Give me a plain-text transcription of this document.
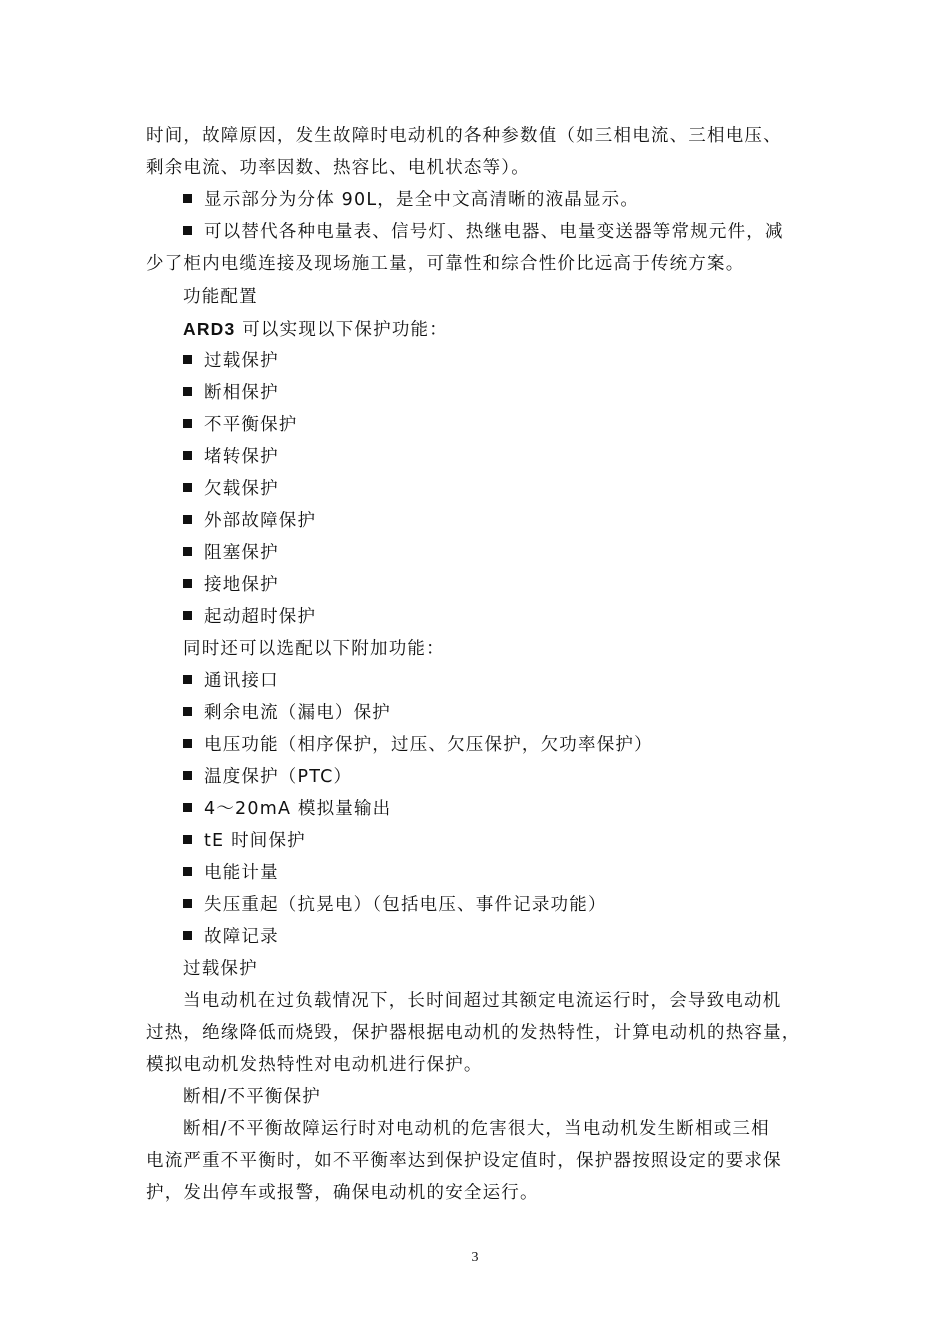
时间，故障原因，发生故障时电动机的各种参数值（如三相电流、三相电压、
剩余电流、功率因数、热容比、电机状态等）。
显示部分为分体 90L，是全中文高清晰的液晶显示。
可以替代各种电量表、信号灯、热继电器、电量变送器等常规元件，减
少了柜内电缆连接及现场施工量，可靠性和综合性价比远高于传统方案。
功能配置
ARD3 可以实现以下保护功能：
过载保护
断相保护
不平衡保护
堵转保护
欠载保护
外部故障保护
阻塞保护
接地保护
起动超时保护
同时还可以选配以下附加功能：
通讯接口
剩余电流（漏电）保护
电压功能（相序保护，过压、欠压保护，欠功率保护）
温度保护（PTC）
4～20mA 模拟量输出
tE 时间保护
电能计量
失压重起（抗晃电）（包括电压、事件记录功能）
故障记录
过载保护
当电动机在过负载情况下，长时间超过其额定电流运行时，会导致电动机
过热，绝缘降低而烧毁，保护器根据电动机的发热特性，计算电动机的热容量，
模拟电动机发热特性对电动机进行保护。
断相/不平衡保护
断相/不平衡故障运行时对电动机的危害很大，当电动机发生断相或三相
电流严重不平衡时，如不平衡率达到保护设定值时，保护器按照设定的要求保
护，发出停车或报警，确保电动机的安全运行。
3
